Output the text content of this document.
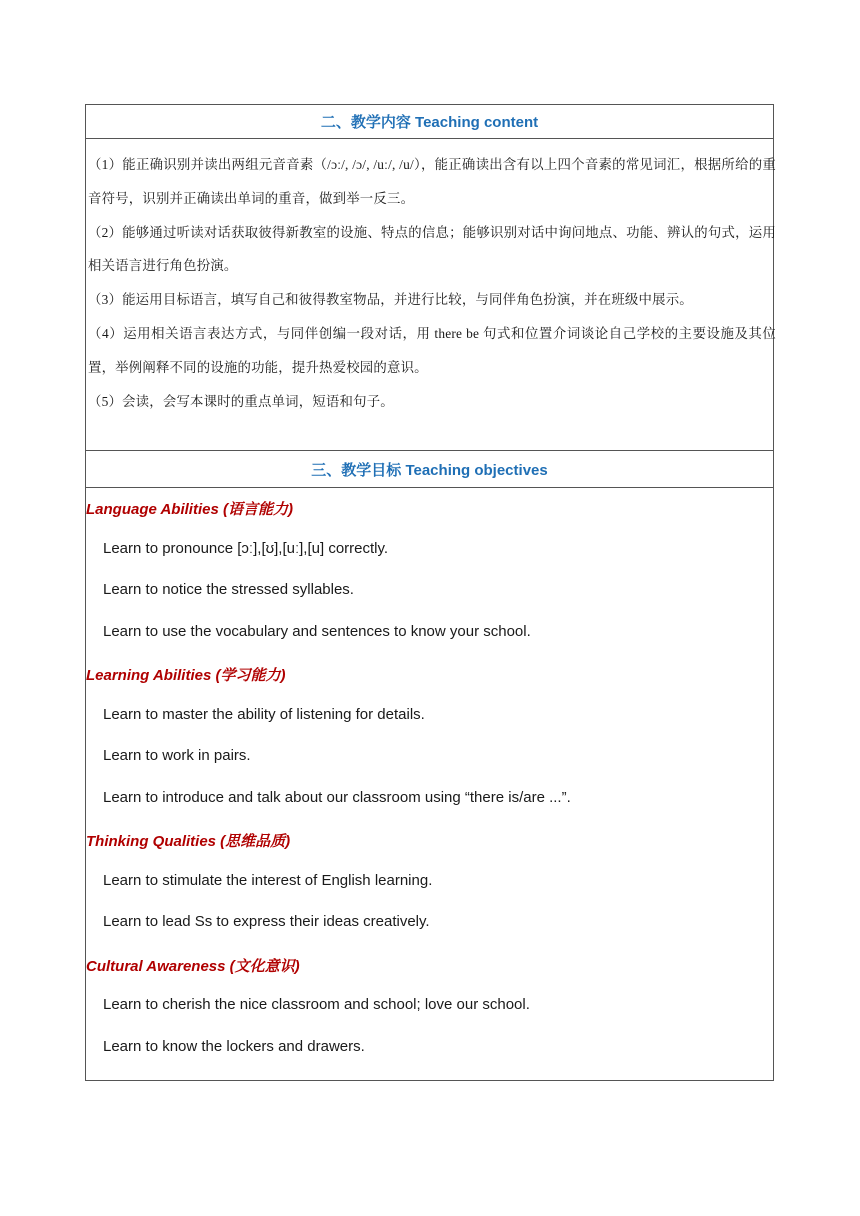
二、教学内容 Teaching content

（1）能正确识别并读出两组元音音素（/ɔː/, /ɔ/, /uː/, /u/），能正确读出含有以上四个音素的常见词汇，根据所给的重音符号，识别并正确读出单词的重音，做到举一反三。

（2）能够通过听读对话获取彼得新教室的设施、特点的信息；能够识别对话中询问地点、功能、辨认的句式，运用相关语言进行角色扮演。

（3）能运用目标语言，填写自己和彼得教室物品，并进行比较，与同伴角色扮演，并在班级中展示。

（4）运用相关语言表达方式，与同伴创编一段对话，用 there be 句式和位置介词谈论自己学校的主要设施及其位置，举例阐释不同的设施的功能，提升热爱校园的意识。

（5）会读，会写本课时的重点单词，短语和句子。

三、教学目标 Teaching objectives
Language Abilities (语言能力)
Learn to pronounce [ɔː],[ʊ],[uː],[u] correctly.
Learn to notice the stressed syllables.
Learn to use the vocabulary and sentences to know your school.
Learning Abilities (学习能力)
Learn to master the ability of listening for details.
Learn to work in pairs.
Learn to introduce and talk about our classroom using “there is/are ...”.
Thinking Qualities (思维品质)
Learn to stimulate the interest of English learning.
Learn to lead Ss to express their ideas creatively.
Cultural Awareness (文化意识)
Learn to cherish the nice classroom and school; love our school.
Learn to know the lockers and drawers.
